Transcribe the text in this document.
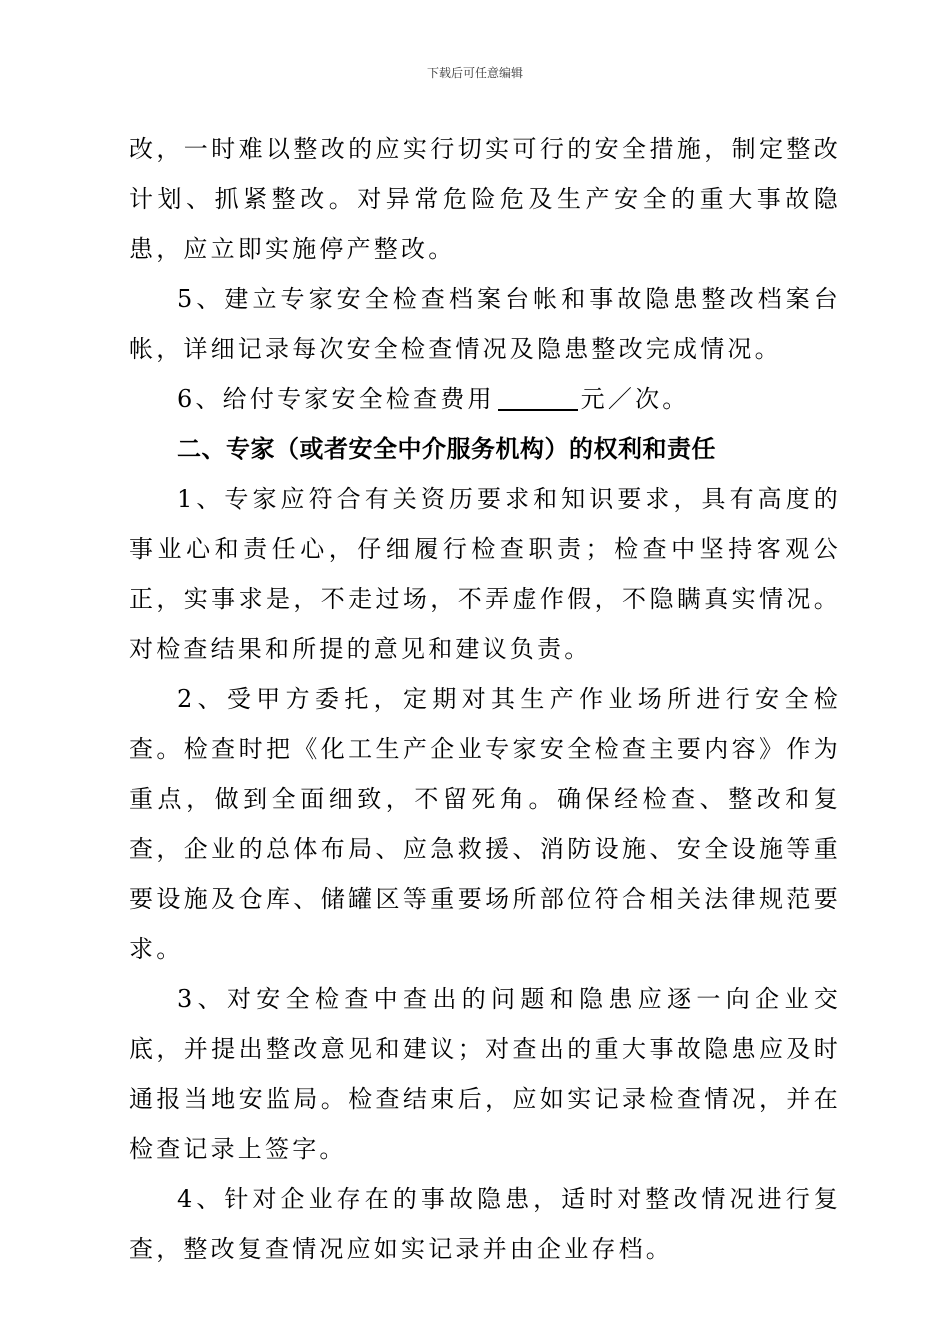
下载后可任意编辑

改，一时难以整改的应实行切实可行的安全措施，制定整改计划、抓紧整改。对异常危险危及生产安全的重大事故隐患，应立即实施停产整改。

5、建立专家安全检查档案台帐和事故隐患整改档案台帐，详细记录每次安全检查情况及隐患整改完成情况。

6、给付专家安全检查费用	元／次。

二、专家（或者安全中介服务机构）的权利和责任

1、专家应符合有关资历要求和知识要求，具有高度的事业心和责任心，仔细履行检查职责；检查中坚持客观公正，实事求是，不走过场，不弄虚作假，不隐瞒真实情况。对检查结果和所提的意见和建议负责。

2、受甲方委托，定期对其生产作业场所进行安全检查。检查时把《化工生产企业专家安全检查主要内容》作为重点，做到全面细致，不留死角。确保经检查、整改和复查，企业的总体布局、应急救援、消防设施、安全设施等重要设施及仓库、储罐区等重要场所部位符合相关法律规范要求。

3、对安全检查中查出的问题和隐患应逐一向企业交底，并提出整改意见和建议；对查出的重大事故隐患应及时通报当地安监局。检查结束后，应如实记录检查情况，并在检查记录上签字。

4、针对企业存在的事故隐患，适时对整改情况进行复查，整改复查情况应如实记录并由企业存档。
